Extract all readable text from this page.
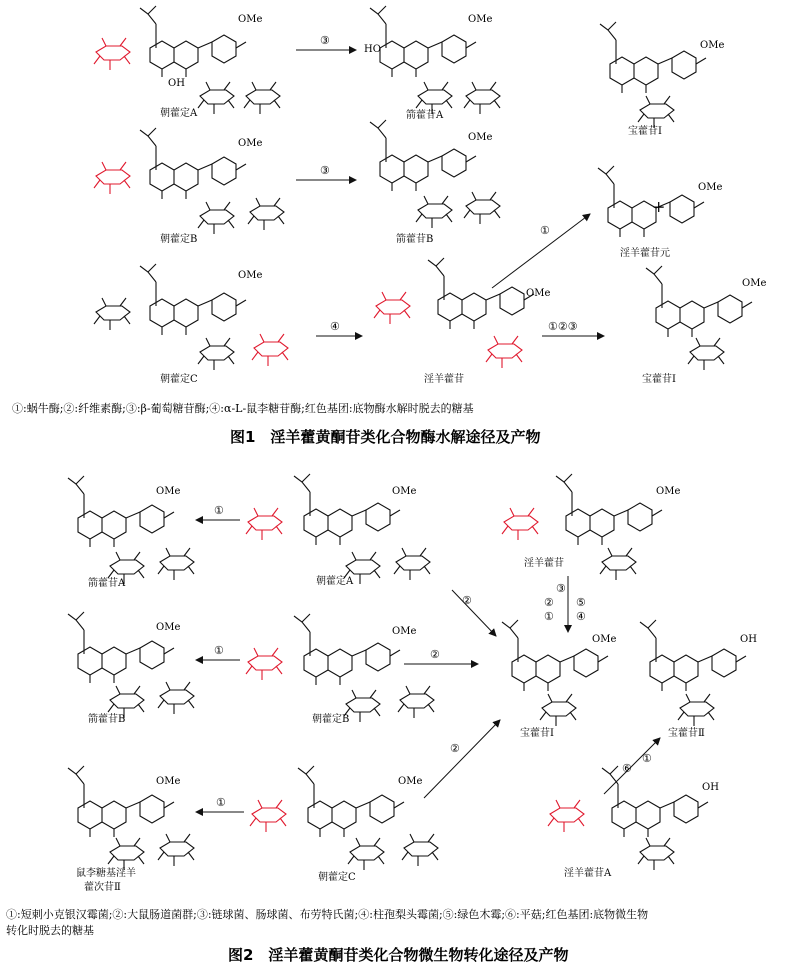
OMe	OMe
OMe
OMe
OMe
OMe
OMe
OMe
OMe
OH
HO
+
朝藿定A	箭藿苷A
宝藿苷Ⅰ
淫羊藿苷元
朝藿定B	箭藿苷B
朝藿定C	淫羊藿苷	宝藿苷Ⅰ
③
③
①
④	①②③
①:蜗牛酶;②:纤维素酶;③:β-葡萄糖苷酶;④:α-L-鼠李糖苷酶;红色基团:底物酶水解时脱去的糖基
图1　淫羊藿黄酮苷类化合物酶水解途径及产物
OMe
OMe	OMe
OMe
OMe	OMe
OMe	OMe
OH
OH
箭藿苷A	朝藿定A
淫羊藿苷
箭藿苷B	朝藿定B
宝藿苷Ⅰ	宝藿苷Ⅱ
鼠李糖基淫羊
藿次苷Ⅱ
朝藿定C	淫羊藿苷A
①
①
①
②
②
②
③
②
①
⑤
④
⑥
①
①:短刺小克银汉霉菌;②:大鼠肠道菌群;③:链球菌、肠球菌、布劳特氏菌;④:柱孢梨头霉菌;⑤:绿色木霉;⑥:平菇;红色基团:底物微生物
转化时脱去的糖基
图2　淫羊藿黄酮苷类化合物微生物转化途径及产物
